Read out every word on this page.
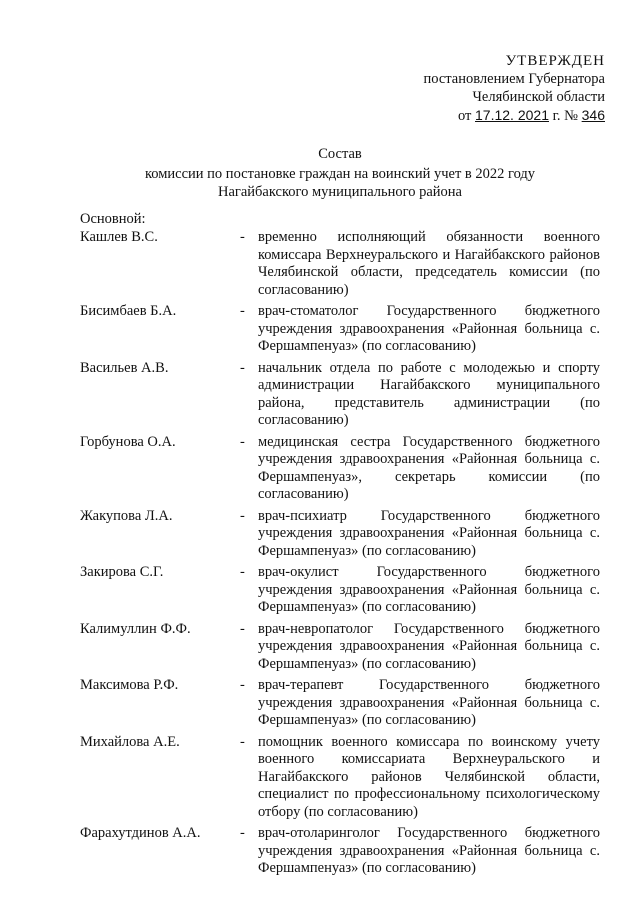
УТВЕРЖДЕН
постановлением Губернатора
Челябинской области
от 17.12. 2021 г. № 346
Состав
комиссии по постановке граждан на воинский учет в 2022 году
Нагайбакского муниципального района
Основной:
Кашлев В.С.	- временно исполняющий обязанности военного комиссара Верхнеуральского и Нагайбакского районов Челябинской области, председатель комиссии (по согласованию)
Бисимбаев Б.А.	- врач-стоматолог Государственного бюджетного учреждения здравоохранения «Районная больница с. Фершампенуаз» (по согласованию)
Васильев А.В.	- начальник отдела по работе с молодежью и спорту администрации Нагайбакского муниципального района, представитель администрации (по согласованию)
Горбунова О.А.	- медицинская сестра Государственного бюджетного учреждения здравоохранения «Районная больница с. Фершампенуаз», секретарь комиссии (по согласованию)
Жакупова Л.А.	- врач-психиатр Государственного бюджетного учреждения здравоохранения «Районная больница с. Фершампенуаз» (по согласованию)
Закирова С.Г.	- врач-окулист Государственного бюджетного учреждения здравоохранения «Районная больница с. Фершампенуаз» (по согласованию)
Калимуллин Ф.Ф.	- врач-невропатолог Государственного бюджетного учреждения здравоохранения «Районная больница с. Фершампенуаз» (по согласованию)
Максимова Р.Ф.	- врач-терапевт Государственного бюджетного учреждения здравоохранения «Районная больница с. Фершампенуаз» (по согласованию)
Михайлова А.Е.	- помощник военного комиссара по воинскому учету военного комиссариата Верхнеуральского и Нагайбакского районов Челябинской области, специалист по профессиональному психологическому отбору (по согласованию)
Фарахутдинов А.А.	- врач-отоларинголог Государственного бюджетного учреждения здравоохранения «Районная больница с. Фершампенуаз» (по согласованию)
